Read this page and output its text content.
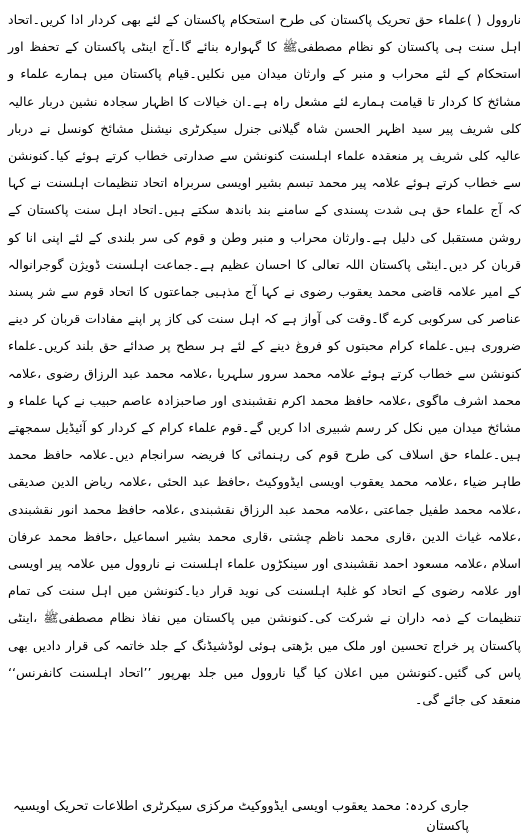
ناروول ( )علماء حق تحریک پاکستان کی طرح استحکام پاکستان کے لئے بھی کردار ادا کریں۔اتحاد اہل سنت ہی پاکستان کو نظام مصطفیﷺ کا گہوارہ بنائے گا۔آج اینٹی پاکستان کے تحفظ اور استحکام کے لئے محراب و منبر کے وارثان میدان میں نکلیں۔قیام پاکستان میں ہمارے علماء و مشائخ کا کردار تا قیامت ہمارے لئے مشعل راہ ہے۔ان خیالات کا اظہار سجادہ نشین دربار عالیہ کلی شریف پیر سید اظہر الحسن شاہ گیلانی جنرل سیکرٹری نیشنل مشائخ کونسل نے دربار عالیہ کلی شریف پر منعقدہ علماء اہلسنت کنونشن سے صدارتی خطاب کرتے ہوئے کیا۔کنونشن سے خطاب کرتے ہوئے علامہ پیر محمد تبسم بشیر اویسی سربراہ اتحاد تنظیمات اہلسنت نے کہا کہ آج علماء حق ہی شدت پسندی کے سامنے بند باندھ سکتے ہیں۔اتحاد اہل سنت پاکستان کے روشن مستقبل کی دلیل ہے۔وارثان محراب و منبر وطن و قوم کی سر بلندی کے لئے اپنی انا کو قربان کر دیں۔اینٹی پاکستان اللہ تعالی کا احسان عظیم ہے۔جماعت اہلسنت ڈویژن گوجرانوالہ کے امیر علامہ قاضی محمد یعقوب رضوی نے کہا آج مذہبی جماعتوں کا اتحاد قوم سے شر پسند عناصر کی سرکوبی کرے گا۔وقت کی آواز ہے کہ اہل سنت کی کاز پر اپنے مفادات قربان کر دینے ضروری ہیں۔علماء کرام محبتوں کو فروغ دینے کے لئے ہر سطح پر صدائے حق بلند کریں۔علماء کنونشن سے خطاب کرتے ہوئے علامہ محمد سرور سلہریا ،علامہ محمد عبد الرزاق رضوی ،علامہ محمد اشرف ماگوی ،علامہ حافظ محمد اکرم نقشبندی اور صاحبزادہ عاصم حبیب نے کہا علماء و مشائخ میدان میں نکل کر رسم شبیری ادا کریں گے۔قوم علماء کرام کے کردار کو آئیڈیل سمجھتے ہیں۔علماء حق اسلاف کی طرح قوم کی رہنمائی کا فریضہ سرانجام دیں۔علامہ حافظ محمد طاہر ضیاء ،علامہ محمد یعقوب اویسی ایڈووکیٹ ،حافظ عبد الحئی ،علامہ ریاض الدین صدیقی ،علامہ محمد طفیل جماعتی ،علامہ محمد عبد الرزاق نقشبندی ،علامہ حافظ محمد انور نقشبندی ،علامہ غیاث الدین ،قاری محمد ناظم چشتی ،قاری محمد بشیر اسماعیل ،حافظ محمد عرفان اسلام ،علامہ مسعود احمد نقشبندی اور سینکڑوں علماء اہلسنت نے ناروول میں علامہ پیر اویسی اور علامہ رضوی کے اتحاد کو غلبۂ اہلسنت کی نوید قرار دیا۔کنونشن میں اہل سنت کی تمام تنظیمات کے ذمہ داران نے شرکت کی۔کنونشن میں پاکستان میں نفاذ نظام مصطفیﷺ ،اینٹی پاکستان پر خراج تحسین اور ملک میں بڑھتی ہوئی لوڈشیڈنگ کے جلد خاتمہ کی قرار دادیں بھی پاس کی گئیں۔کنونشن میں اعلان کیا گیا ناروول میں جلد بھرپور ’’اتحاد اہلسنت کانفرنس‘‘ منعقد کی جائے گی۔

جاری کردہ: محمد یعقوب اویسی ایڈووکیٹ مرکزی سیکرٹری اطلاعات تحریک اویسیہ پاکستان
